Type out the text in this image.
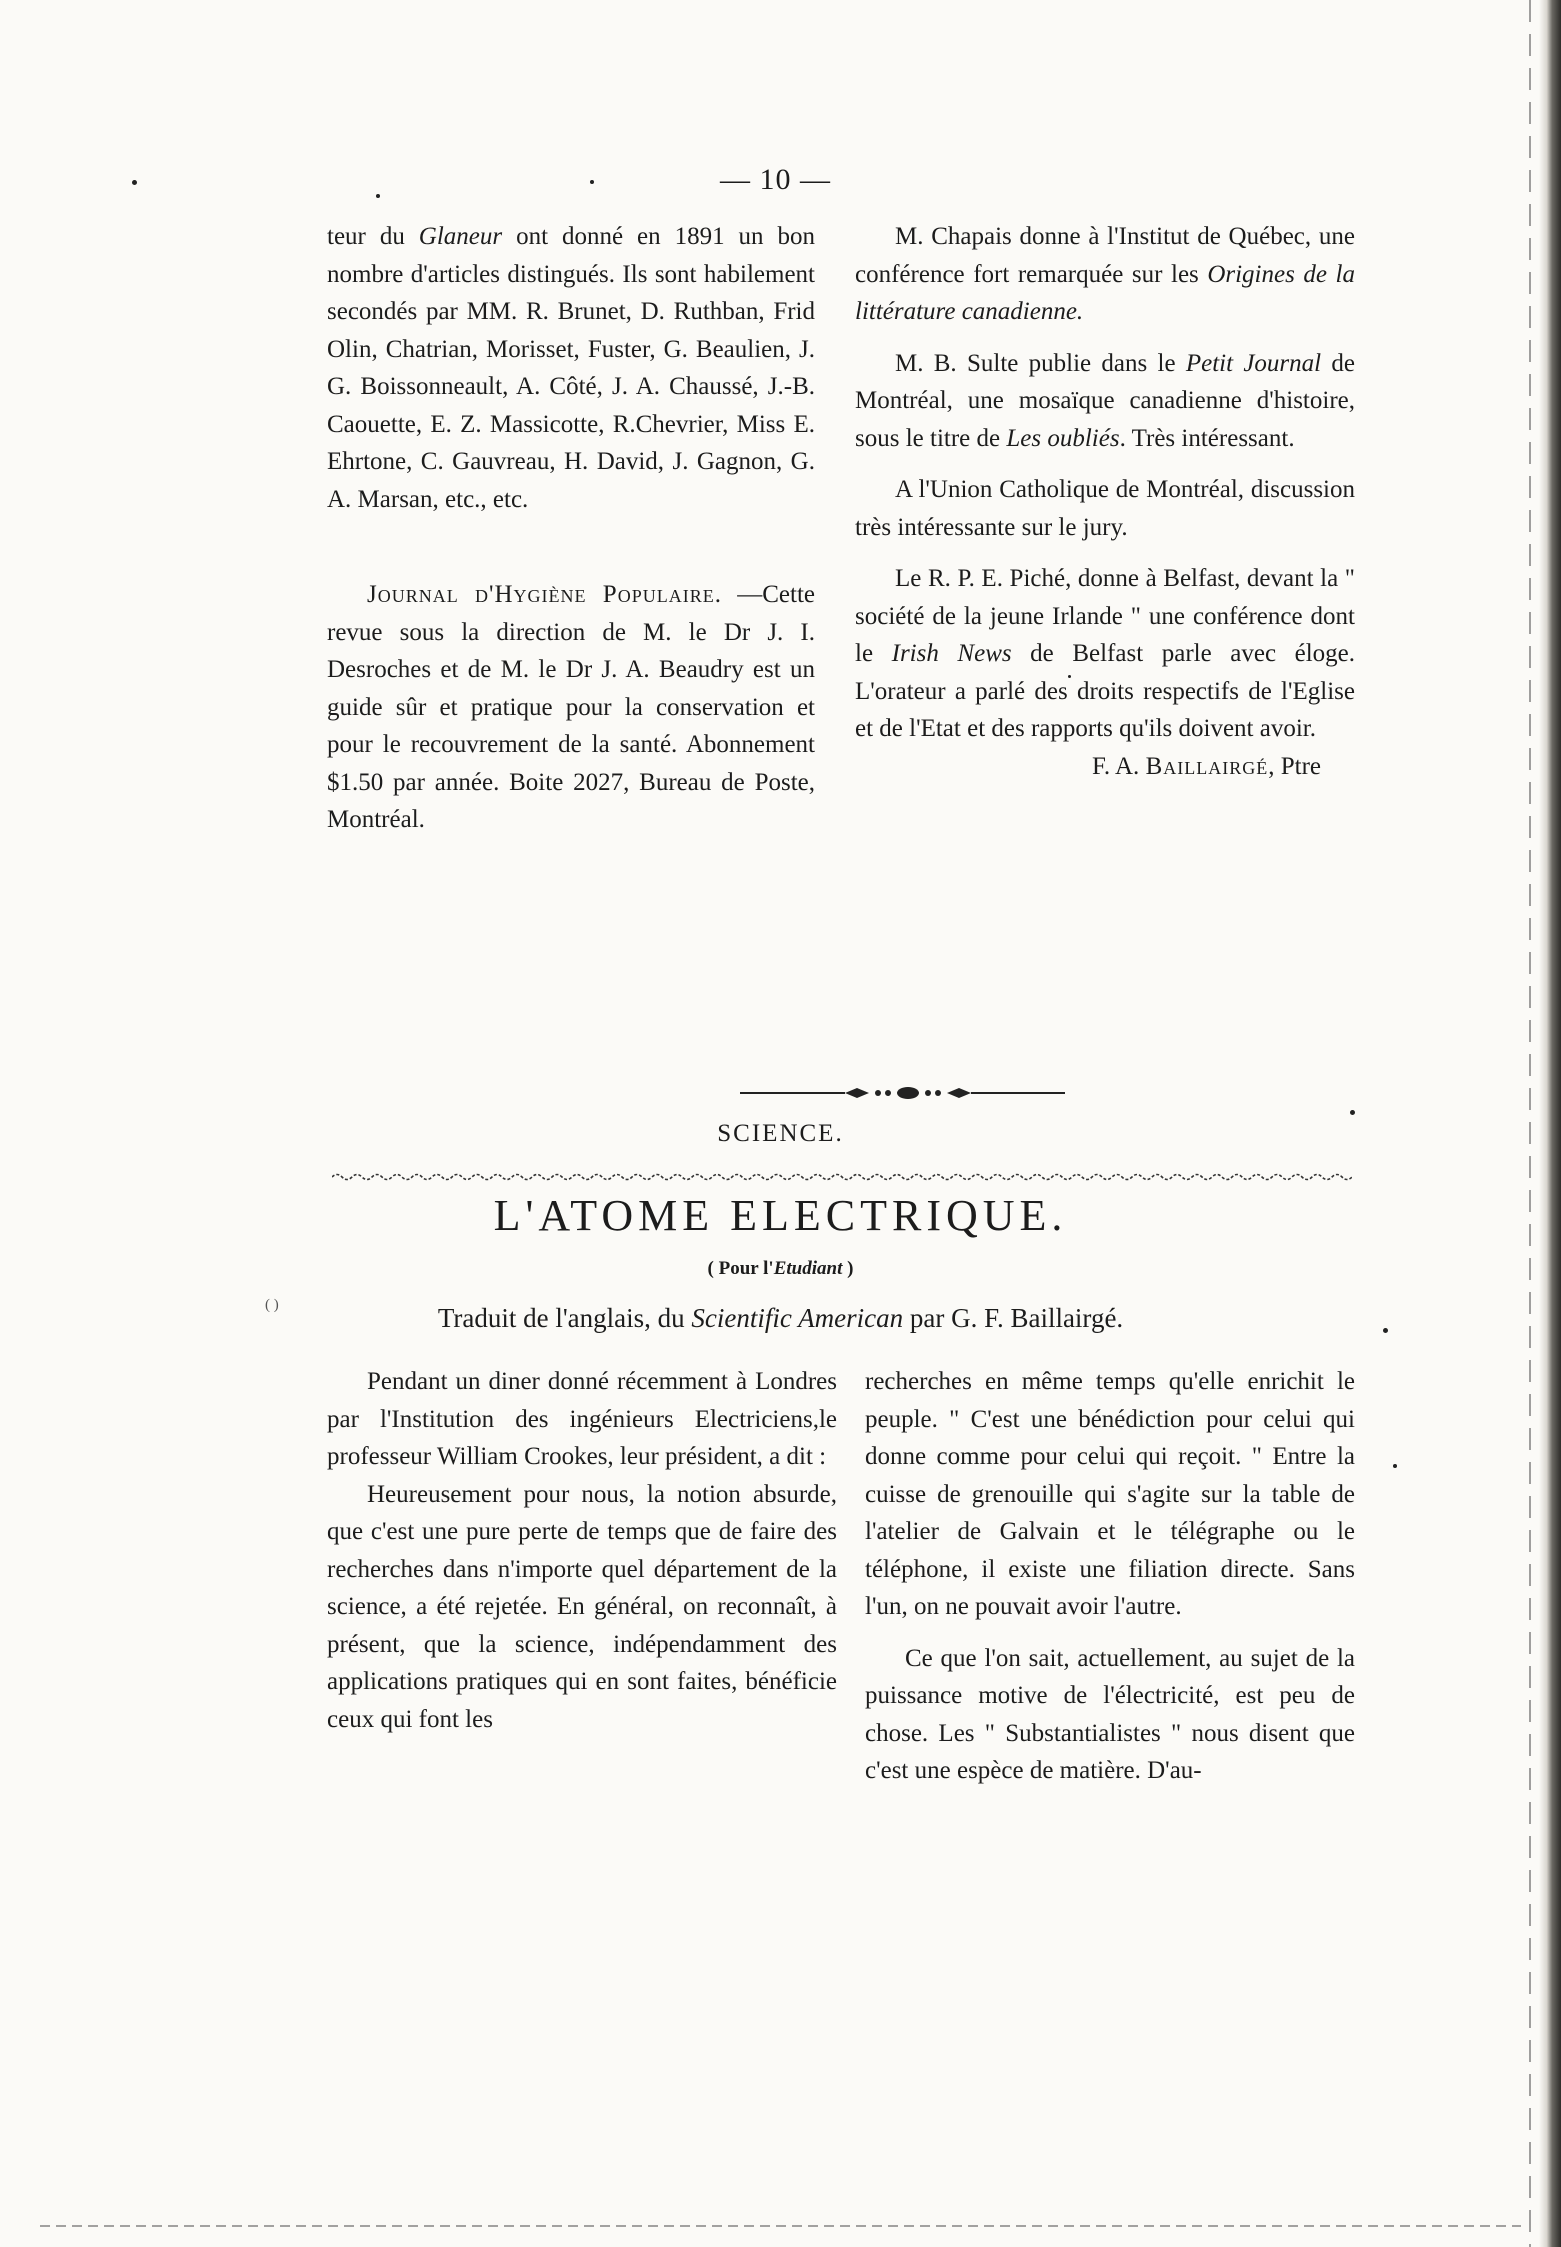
— 10 —

teur du Glaneur ont donné en 1891 un bon nombre d'articles distingués. Ils sont habilement secondés par MM. R. Brunet, D. Ruthban, Frid Olin, Chatrian, Morisset, Fuster, G. Beaulien, J. G. Boissonneault, A. Côté, J. A. Chaussé, J.-B. Caouette, E. Z. Massicotte, R.Chevrier, Miss E. Ehrtone, C. Gauvreau, H. David, J. Gagnon, G. A. Marsan, etc., etc.

Journal d'Hygiène Populaire. —Cette revue sous la direction de M. le Dr J. I. Desroches et de M. le Dr J. A. Beaudry est un guide sûr et pratique pour la conservation et pour le recouvrement de la santé. Abonnement $1.50 par année. Boite 2027, Bureau de Poste, Montréal.

M. Chapais donne à l'Institut de Québec, une conférence fort remarquée sur les Origines de la littérature canadienne.

M. B. Sulte publie dans le Petit Journal de Montréal, une mosaïque canadienne d'histoire, sous le titre de Les oubliés. Très intéressant.

A l'Union Catholique de Montréal, discussion très intéressante sur le jury.

Le R. P. E. Piché, donne à Belfast, devant la " société de la jeune Irlande " une conférence dont le Irish News de Belfast parle avec éloge. L'orateur a parlé des droits respectifs de l'Eglise et de l'Etat et des rapports qu'ils doivent avoir.

F. A. Baillairgé, Ptre

SCIENCE.
L'ATOME ELECTRIQUE.
( Pour l'Etudiant )
Traduit de l'anglais, du Scientific American par G. F. Baillairgé.
( )

Pendant un diner donné récemment à Londres par l'Institution des ingénieurs Electriciens,le professeur William Crookes, leur président, a dit :

Heureusement pour nous, la notion absurde, que c'est une pure perte de temps que de faire des recherches dans n'importe quel département de la science, a été rejetée. En général, on reconnaît, à présent, que la science, indépendamment des applications pratiques qui en sont faites, bénéficie ceux qui font les

recherches en même temps qu'elle enrichit le peuple. " C'est une bénédiction pour celui qui donne comme pour celui qui reçoit. " Entre la cuisse de grenouille qui s'agite sur la table de l'atelier de Galvain et le télégraphe ou le téléphone, il existe une filiation directe. Sans l'un, on ne pouvait avoir l'autre.

Ce que l'on sait, actuellement, au sujet de la puissance motive de l'électricité, est peu de chose. Les " Substantialistes " nous disent que c'est une espèce de matière. D'au-
